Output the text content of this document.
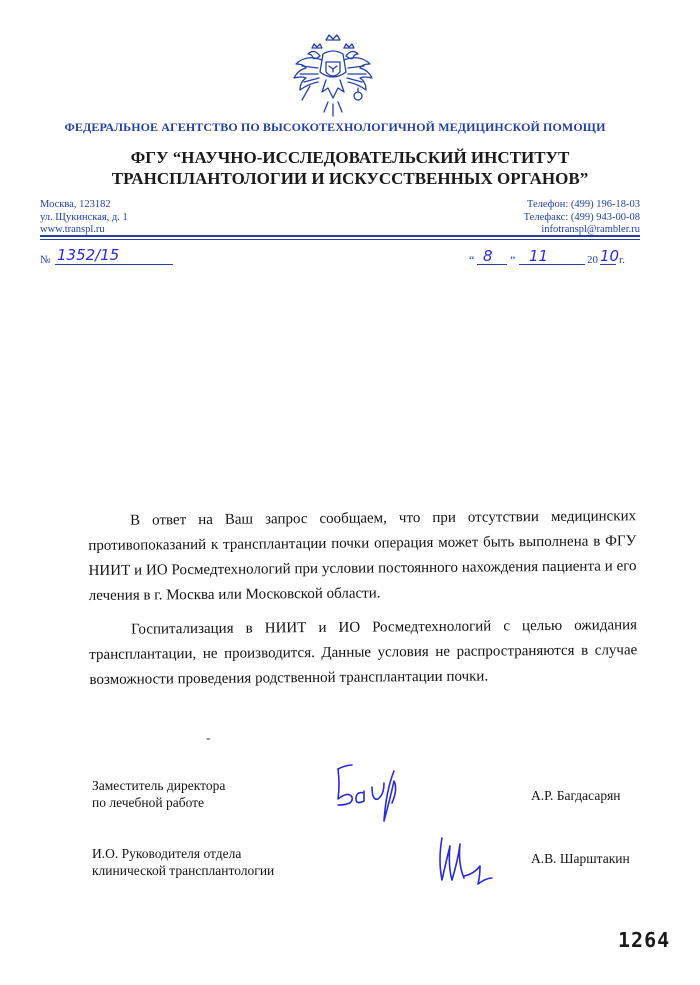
ФЕДЕРАЛЬНОЕ АГЕНТСТВО ПО ВЫСОКОТЕХНОЛОГИЧНОЙ МЕДИЦИНСКОЙ ПОМОЩИ
ФГУ “НАУЧНО-ИССЛЕДОВАТЕЛЬСКИЙ ИНСТИТУТ
ТРАНСПЛАНТОЛОГИИ И ИСКУССТВЕННЫХ ОРГАНОВ”
Москва, 123182
ул. Щукинская, д. 1
www.transpl.ru
Телефон: (499) 196-18-03
Телефакс: (499) 943-00-08
infotranspl@rambler.ru
№ 1352/15	“ 8 ” 11	20 10 г.

В ответ на Ваш запрос сообщаем, что при отсутствии медицинских противопоказаний к трансплантации почки операция может быть выполнена в ФГУ НИИТ и ИО Росмедтехнологий при условии постоянного нахождения пациента и его лечения в г. Москва или Московской области.

Госпитализация в НИИТ и ИО Росмедтехнологий с целью ожидания трансплантации, не производится. Данные условия не распространяются в случае возможности проведения родственной трансплантации почки.

-
Заместитель директора
по лечебной работе	А.Р. Багдасарян
И.О. Руководителя отдела
клинической трансплантологии
А.В. Шарштакин
1264
